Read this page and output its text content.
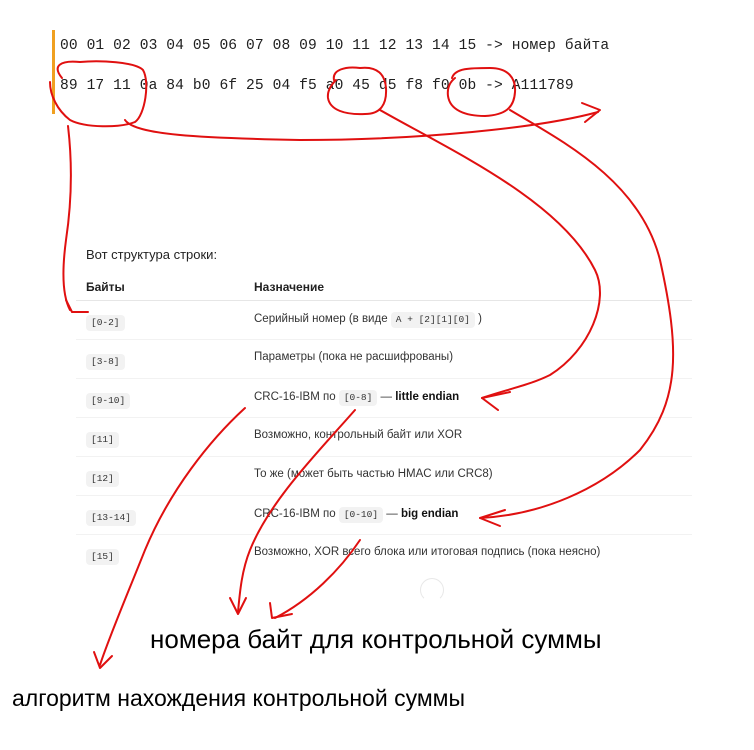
00 01 02 03 04 05 06 07 08 09 10 11 12 13 14 15 -> номер байта
89 17 11 0a 84 b0 6f 25 04 f5 a0 45 d5 f8 f0 0b -> A111789
Вот структура строки:
Байты	Назначение
[0-2]	Серийный номер (в виде A + [2][1][0] )
[3-8]	Параметры (пока не расшифрованы)
[9-10]	CRC-16-IBM по [0-8] — little endian
[11]	Возможно, контрольный байт или XOR
[12]	То же (может быть частью HMAC или CRC8)
[13-14]	CRC-16-IBM по [0-10] — big endian
[15]	Возможно, XOR всего блока или итоговая подпись (пока неясно)
номера байт для контрольной суммы
алгоритм нахождения контрольной суммы
